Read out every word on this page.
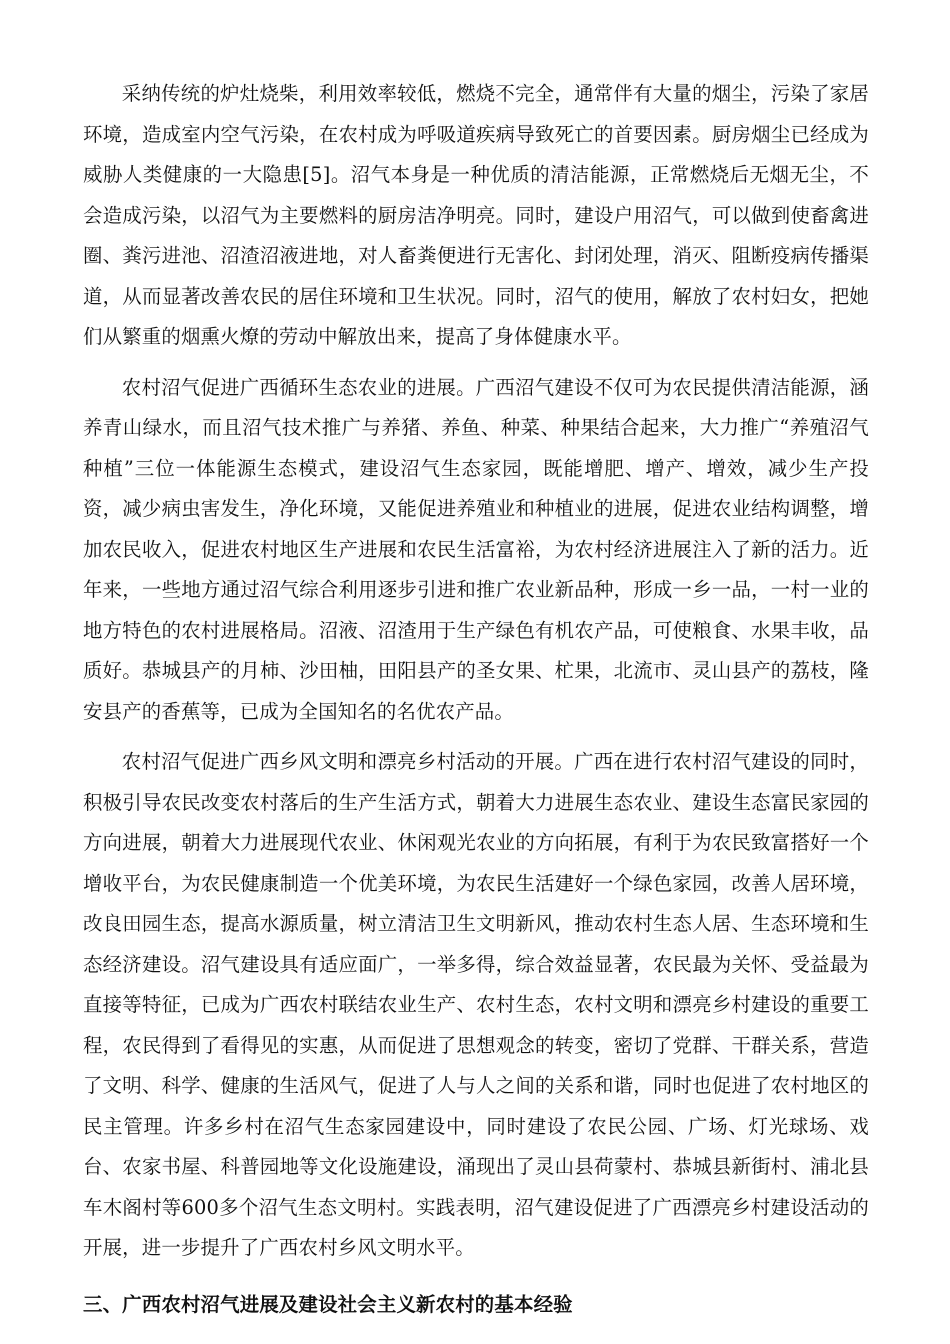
采纳传统的炉灶烧柴，利用效率较低，燃烧不完全，通常伴有大量的烟尘，污染了家居环境，造成室内空气污染，在农村成为呼吸道疾病导致死亡的首要因素。厨房烟尘已经成为威胁人类健康的一大隐患[5]。沼气本身是一种优质的清洁能源，正常燃烧后无烟无尘，不会造成污染，以沼气为主要燃料的厨房洁净明亮。同时，建设户用沼气，可以做到使畜禽进圈、粪污进池、沼渣沼液进地，对人畜粪便进行无害化、封闭处理，消灭、阻断疫病传播渠道，从而显著改善农民的居住环境和卫生状况。同时，沼气的使用，解放了农村妇女，把她们从繁重的烟熏火燎的劳动中解放出来，提高了身体健康水平。

农村沼气促进广西循环生态农业的进展。广西沼气建设不仅可为农民提供清洁能源，涵养青山绿水，而且沼气技术推广与养猪、养鱼、种菜、种果结合起来，大力推广“养殖沼气种植”三位一体能源生态模式，建设沼气生态家园，既能增肥、增产、增效，减少生产投资，减少病虫害发生，净化环境，又能促进养殖业和种植业的进展，促进农业结构调整，增加农民收入，促进农村地区生产进展和农民生活富裕，为农村经济进展注入了新的活力。近年来，一些地方通过沼气综合利用逐步引进和推广农业新品种，形成一乡一品，一村一业的地方特色的农村进展格局。沼液、沼渣用于生产绿色有机农产品，可使粮食、水果丰收，品质好。恭城县产的月柿、沙田柚，田阳县产的圣女果、杧果，北流市、灵山县产的荔枝，隆安县产的香蕉等，已成为全国知名的名优农产品。

农村沼气促进广西乡风文明和漂亮乡村活动的开展。广西在进行农村沼气建设的同时，积极引导农民改变农村落后的生产生活方式，朝着大力进展生态农业、建设生态富民家园的方向进展，朝着大力进展现代农业、休闲观光农业的方向拓展，有利于为农民致富搭好一个增收平台，为农民健康制造一个优美环境，为农民生活建好一个绿色家园，改善人居环境，改良田园生态，提高水源质量，树立清洁卫生文明新风，推动农村生态人居、生态环境和生态经济建设。沼气建设具有适应面广，一举多得，综合效益显著，农民最为关怀、受益最为直接等特征，已成为广西农村联结农业生产、农村生态，农村文明和漂亮乡村建设的重要工程，农民得到了看得见的实惠，从而促进了思想观念的转变，密切了党群、干群关系，营造了文明、科学、健康的生活风气，促进了人与人之间的关系和谐，同时也促进了农村地区的民主管理。许多乡村在沼气生态家园建设中，同时建设了农民公园、广场、灯光球场、戏台、农家书屋、科普园地等文化设施建设，涌现出了灵山县荷蒙村、恭城县新街村、浦北县车木阁村等600多个沼气生态文明村。实践表明，沼气建设促进了广西漂亮乡村建设活动的开展，进一步提升了广西农村乡风文明水平。

三、广西农村沼气进展及建设社会主义新农村的基本经验
